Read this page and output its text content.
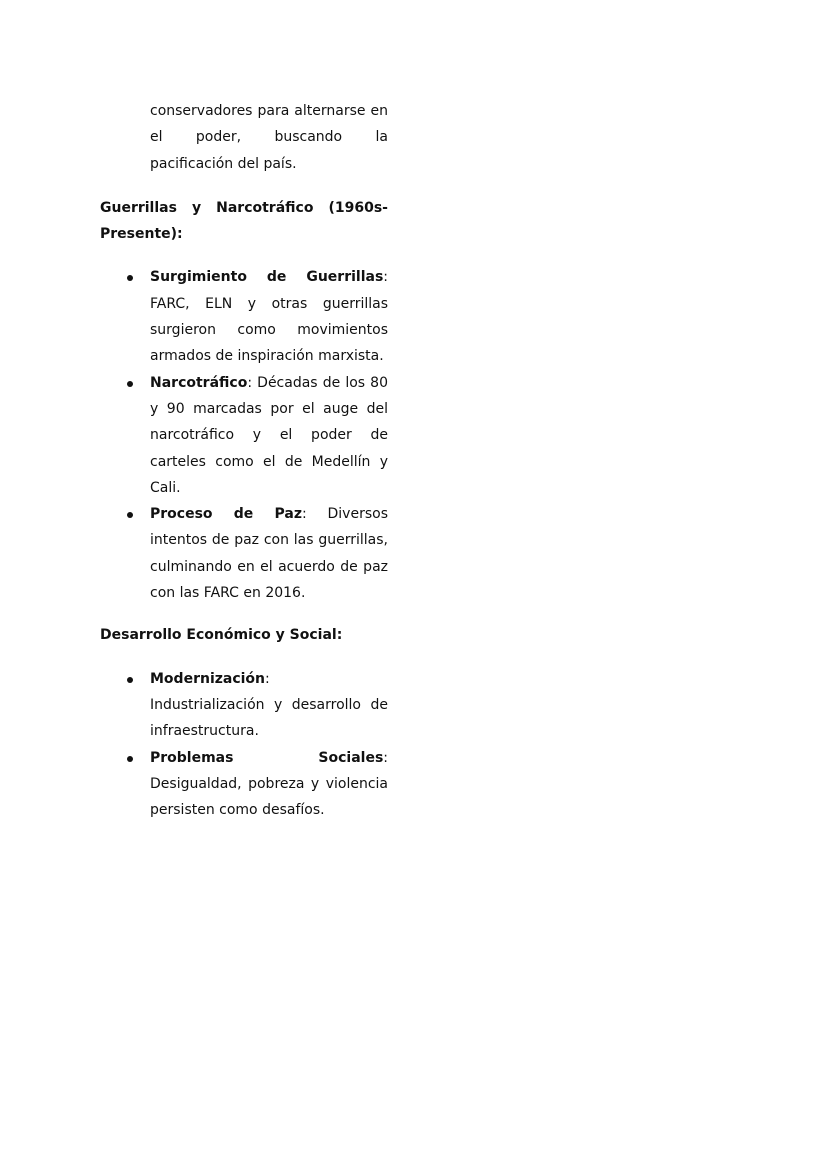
conservadores para alternarse en el poder, buscando la pacificación del país.

Guerrillas y Narcotráfico (1960s-Presente):
Surgimiento de Guerrillas: FARC, ELN y otras guerrillas surgieron como movimientos armados de inspiración marxista.
Narcotráfico: Décadas de los 80 y 90 marcadas por el auge del narcotráfico y el poder de carteles como el de Medellín y Cali.
Proceso de Paz: Diversos intentos de paz con las guerrillas, culminando en el acuerdo de paz con las FARC en 2016.
Desarrollo Económico y Social:
Modernización: Industrialización y desarrollo de infraestructura.
Problemas Sociales: Desigualdad, pobreza y violencia persisten como desafíos.
